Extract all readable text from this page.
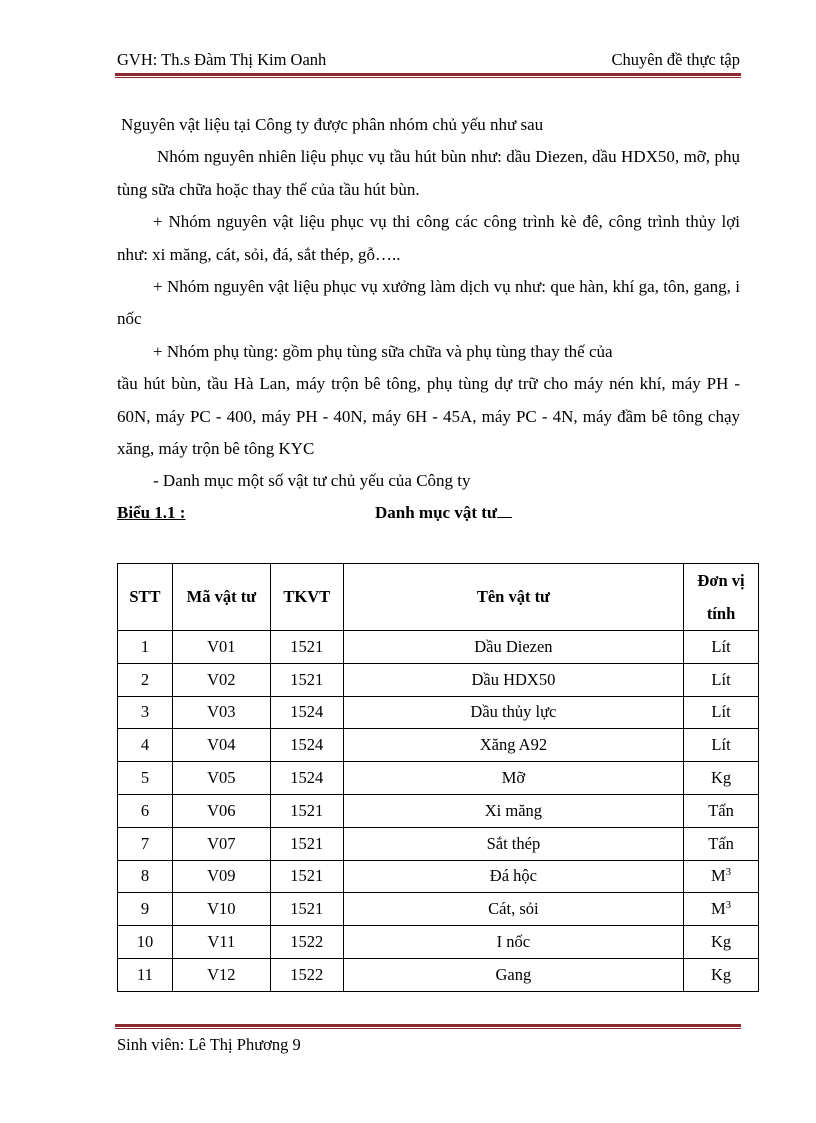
GVH: Th.s Đàm Thị Kim Oanh	Chuyên đề thực tập

Nguyên vật liệu tại Công ty được phân nhóm chủ yếu như sau

Nhóm nguyên nhiên liệu phục vụ tầu hút bùn như: dầu Diezen, dầu HDX50, mỡ, phụ tùng sữa chữa hoặc thay thế của tầu hút bùn.

+ Nhóm nguyên vật liệu phục vụ thi công các công trình kè đê, công trình thủy lợi như: xi măng, cát, sỏi, đá, sắt thép, gỗ…..

+ Nhóm nguyên vật liệu phục vụ xưởng làm dịch vụ như: que hàn, khí ga, tôn, gang, i nốc

+ Nhóm phụ tùng: gồm phụ tùng sữa chữa và phụ tùng thay thế của

tầu hút bùn, tầu Hà Lan, máy trộn bê tông, phụ tùng dự trữ cho máy nén khí, máy PH - 60N, máy PC - 400, máy PH - 40N, máy 6H - 45A, máy PC - 4N, máy đầm bê tông chạy xăng, máy trộn bê tông KYC

- Danh mục một số vật tư chủ yếu của Công ty

Biểu 1.1 :	Danh mục vật tư
STT	Mã vật tư	TKVT	Tên vật tư	Đơn vị
tính
1	V01	1521	Dầu Diezen	Lít
2	V02	1521	Dầu HDX50	Lít
3	V03	1524	Dầu thủy lực	Lít
4	V04	1524	Xăng A92	Lít
5	V05	1524	Mỡ	Kg
6	V06	1521	Xi măng	Tấn
7	V07	1521	Sắt thép	Tấn
8	V09	1521	Đá hộc	$M^3$
9	V10	1521	Cát, sỏi	$M^3$
10	V11	1522	I nốc	Kg
11	V12	1522	Gang	Kg
Sinh viên: Lê Thị Phương 9
